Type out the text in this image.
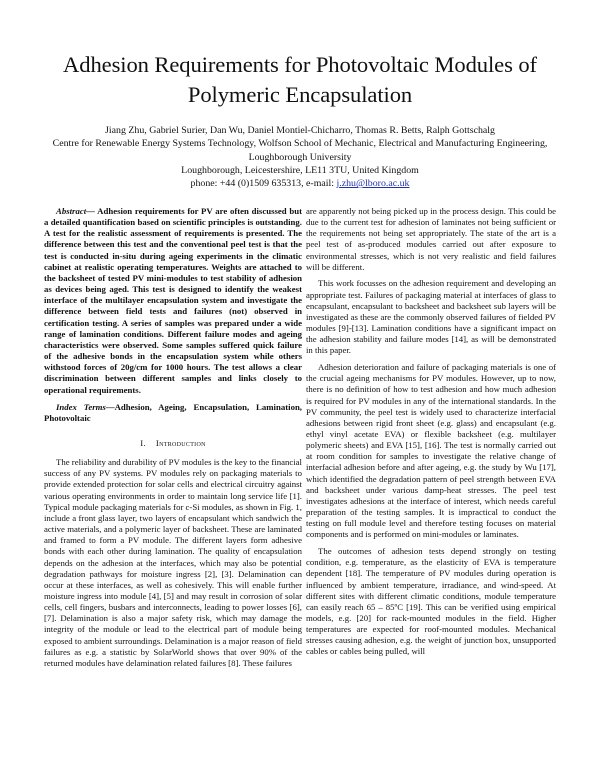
Adhesion Requirements for Photovoltaic Modules of
Polymeric Encapsulation
Jiang Zhu, Gabriel Surier, Dan Wu, Daniel Montiel-Chicharro, Thomas R. Betts, Ralph Gottschalg
Centre for Renewable Energy Systems Technology, Wolfson School of Mechanic, Electrical and Manufacturing Engineering,
Loughborough University
Loughborough, Leicestershire, LE11 3TU, United Kingdom
phone: +44 (0)1509 635313, e-mail: j.zhu@lboro.ac.uk

Abstract— Adhesion requirements for PV are often discussed but a detailed quantification based on scientific principles is outstanding. A test for the realistic assessment of requirements is presented. The difference between this test and the conventional peel test is that the test is conducted in-situ during ageing experiments in the climatic cabinet at realistic operating temperatures. Weights are attached to the backsheet of tested PV mini-modules to test stability of adhesion as devices being aged. This test is designed to identify the weakest interface of the multilayer encapsulation system and investigate the difference between field tests and failures (not) observed in certification testing. A series of samples was prepared under a wide range of lamination conditions. Different failure modes and ageing characteristics were observed. Some samples suffered quick failure of the adhesive bonds in the encapsulation system while others withstood forces of 20g/cm for 1000 hours. The test allows a clear discrimination between different samples and links closely to operational requirements.

Index Terms—Adhesion, Ageing, Encapsulation, Lamination, Photovoltaic

I. Introduction

The reliability and durability of PV modules is the key to the financial success of any PV systems. PV modules rely on packaging materials to provide extended protection for solar cells and electrical circuitry against various operating environments in order to maintain long service life [1]. Typical module packaging materials for c-Si modules, as shown in Fig. 1, include a front glass layer, two layers of encapsulant which sandwich the active materials, and a polymeric layer of backsheet. These are laminated and framed to form a PV module. The different layers form adhesive bonds with each other during lamination. The quality of encapsulation depends on the adhesion at the interfaces, which may also be potential degradation pathways for moisture ingress [2], [3]. Delamination can occur at these interfaces, as well as cohesively. This will enable further moisture ingress into module [4], [5] and may result in corrosion of solar cells, cell fingers, busbars and interconnects, leading to power losses [6], [7]. Delamination is also a major safety risk, which may damage the integrity of the module or lead to the electrical part of module being exposed to ambient surroundings. Delamination is a major reason of field failures as e.g. a statistic by SolarWorld shows that over 90% of the returned modules have delamination related failures [8]. These failures

are apparently not being picked up in the process design. This could be due to the current test for adhesion of laminates not being sufficient or the requirements not being set appropriately. The state of the art is a peel test of as-produced modules carried out after exposure to environmental stresses, which is not very realistic and field failures will be different.

This work focusses on the adhesion requirement and developing an appropriate test. Failures of packaging material at interfaces of glass to encapsulant, encapsulant to backsheet and backsheet sub layers will be investigated as these are the commonly observed failures of fielded PV modules [9]-[13]. Lamination conditions have a significant impact on the adhesion stability and failure modes [14], as will be demonstrated in this paper.

Adhesion deterioration and failure of packaging materials is one of the crucial ageing mechanisms for PV modules. However, up to now, there is no definition of how to test adhesion and how much adhesion is required for PV modules in any of the international standards. In the PV community, the peel test is widely used to characterize interfacial adhesions between rigid front sheet (e.g. glass) and encapsulant (e.g. ethyl vinyl acetate EVA) or flexible backsheet (e.g. multilayer polymeric sheets) and EVA [15], [16]. The test is normally carried out at room condition for samples to investigate the relative change of interfacial adhesion before and after ageing, e.g. the study by Wu [17], which identified the degradation pattern of peel strength between EVA and backsheet under various damp-heat stresses. The peel test investigates adhesions at the interface of interest, which needs careful preparation of the testing samples. It is impractical to conduct the testing on full module level and therefore testing focuses on material components and is performed on mini-modules or laminates.

The outcomes of adhesion tests depend strongly on testing condition, e.g. temperature, as the elasticity of EVA is temperature dependent [18]. The temperature of PV modules during operation is influenced by ambient temperature, irradiance, and wind-speed. At different sites with different climatic conditions, module temperature can easily reach 65 – 85ºC [19]. This can be verified using empirical models, e.g. [20] for rack-mounted modules in the field. Higher temperatures are expected for roof-mounted modules. Mechanical stresses causing adhesion, e.g. the weight of junction box, unsupported cables or cables being pulled, will
